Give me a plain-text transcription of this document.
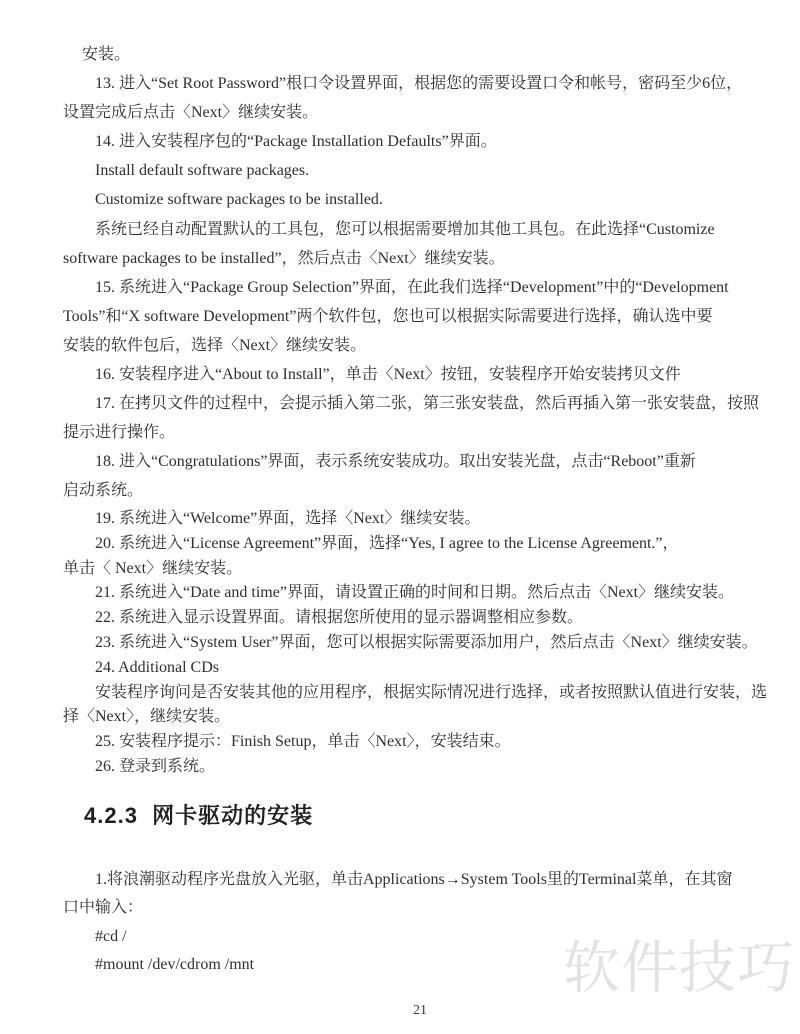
安装。
13. 进入“Set Root Password”根口令设置界面，根据您的需要设置口令和帐号，密码至少6位，
设置完成后点击〈Next〉继续安装。
14. 进入安装程序包的“Package Installation Defaults”界面。
Install default software packages.
Customize software packages to be installed.
系统已经自动配置默认的工具包，您可以根据需要增加其他工具包。在此选择“Customize
software packages to be installed”，然后点击〈Next〉继续安装。
15. 系统进入“Package Group Selection”界面，在此我们选择“Development”中的“Development
Tools”和“X software Development”两个软件包，您也可以根据实际需要进行选择，确认选中要
安装的软件包后，选择〈Next〉继续安装。
16. 安装程序进入“About to Install”，单击〈Next〉按钮，安装程序开始安装拷贝文件
17. 在拷贝文件的过程中，会提示插入第二张，第三张安装盘，然后再插入第一张安装盘，按照
提示进行操作。
18. 进入“Congratulations”界面，表示系统安装成功。取出安装光盘，点击“Reboot”重新
启动系统。
19. 系统进入“Welcome”界面，选择〈Next〉继续安装。
20. 系统进入“License Agreement”界面，选择“Yes, I agree to the License Agreement.”，
单击〈 Next〉继续安装。
21. 系统进入“Date and time”界面，请设置正确的时间和日期。然后点击〈Next〉继续安装。
22. 系统进入显示设置界面。请根据您所使用的显示器调整相应参数。
23. 系统进入“System User”界面，您可以根据实际需要添加用户，然后点击〈Next〉继续安装。
24. Additional CDs
安装程序询问是否安装其他的应用程序，根据实际情况进行选择，或者按照默认值进行安装，选
择〈Next〉，继续安装。
25. 安装程序提示：Finish Setup，单击〈Next〉，安装结束。
26. 登录到系统。
4.2.3  网卡驱动的安装
1.将浪潮驱动程序光盘放入光驱，单击Applications→System Tools里的Terminal菜单，在其窗
口中输入：
#cd /
#mount /dev/cdrom /mnt	软件技巧
21
